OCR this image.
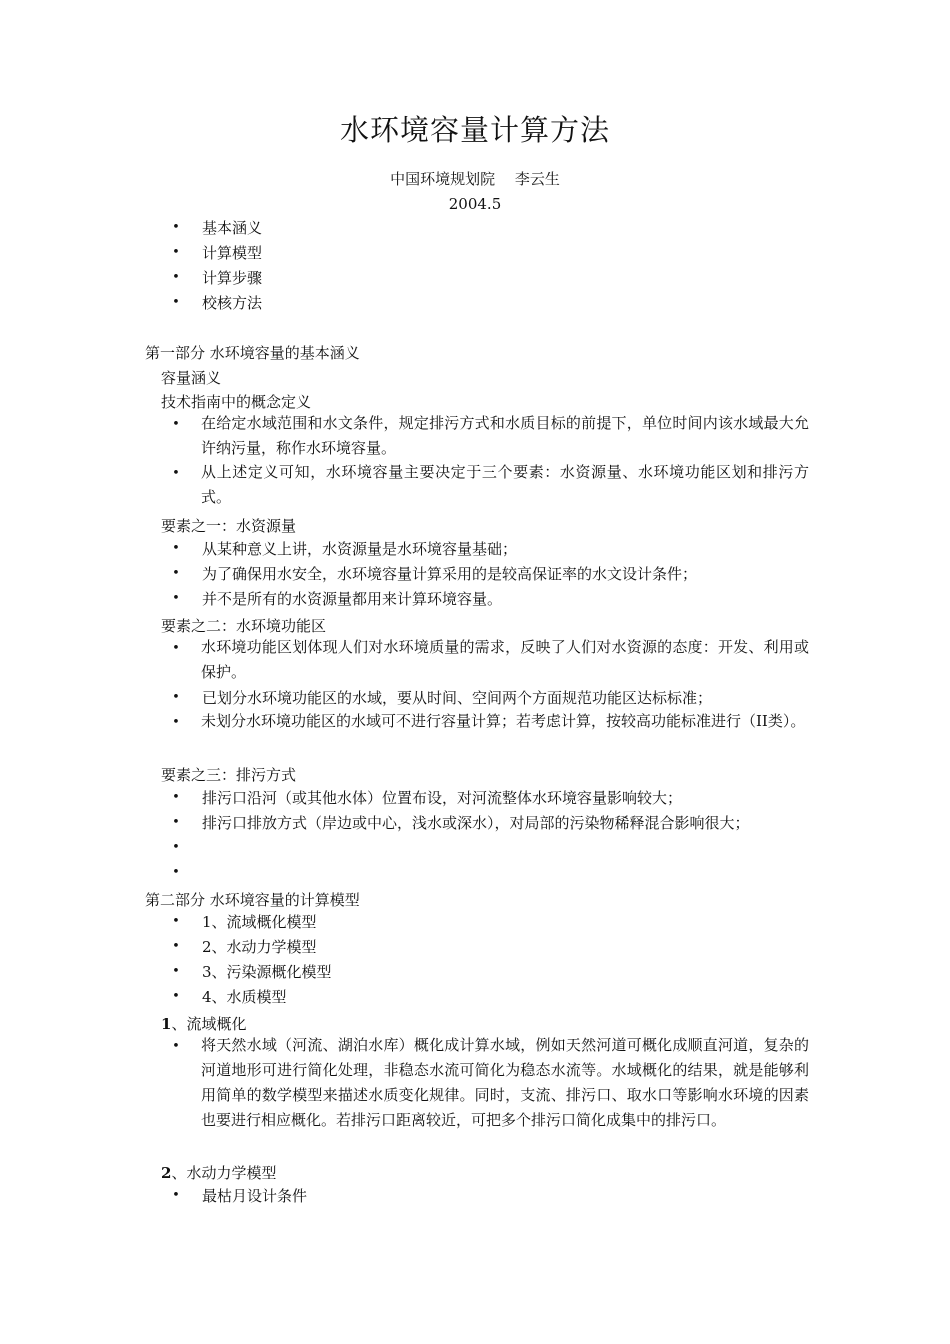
水环境容量计算方法
中国环境规划院　 李云生
2004.5
• 基本涵义
• 计算模型
• 计算步骤
• 校核方法
第一部分 水环境容量的基本涵义
容量涵义
技术指南中的概念定义
• 在给定水域范围和水文条件，规定排污方式和水质目标的前提下，单位时间内该水域最大允许纳污量，称作水环境容量。
• 从上述定义可知，水环境容量主要决定于三个要素：水资源量、水环境功能区划和排污方式。
要素之一：水资源量
• 从某种意义上讲，水资源量是水环境容量基础；
• 为了确保用水安全，水环境容量计算采用的是较高保证率的水文设计条件；
• 并不是所有的水资源量都用来计算环境容量。
要素之二：水环境功能区
• 水环境功能区划体现人们对水环境质量的需求，反映了人们对水资源的态度：开发、利用或保护。
• 已划分水环境功能区的水域，要从时间、空间两个方面规范功能区达标标准；
• 未划分水环境功能区的水域可不进行容量计算；若考虑计算，按较高功能标准进行（II类）。
要素之三：排污方式
• 排污口沿河（或其他水体）位置布设，对河流整体水环境容量影响较大；
• 排污口排放方式（岸边或中心，浅水或深水），对局部的污染物稀释混合影响很大；
•
•
第二部分 水环境容量的计算模型
• 1、流域概化模型
• 2、水动力学模型
• 3、污染源概化模型
• 4、水质模型
1、流域概化
• 将天然水域（河流、湖泊水库）概化成计算水域，例如天然河道可概化成顺直河道，复杂的河道地形可进行简化处理，非稳态水流可简化为稳态水流等。水域概化的结果，就是能够利用简单的数学模型来描述水质变化规律。同时，支流、排污口、取水口等影响水环境的因素也要进行相应概化。若排污口距离较近，可把多个排污口简化成集中的排污口。
2、水动力学模型
• 最枯月设计条件
